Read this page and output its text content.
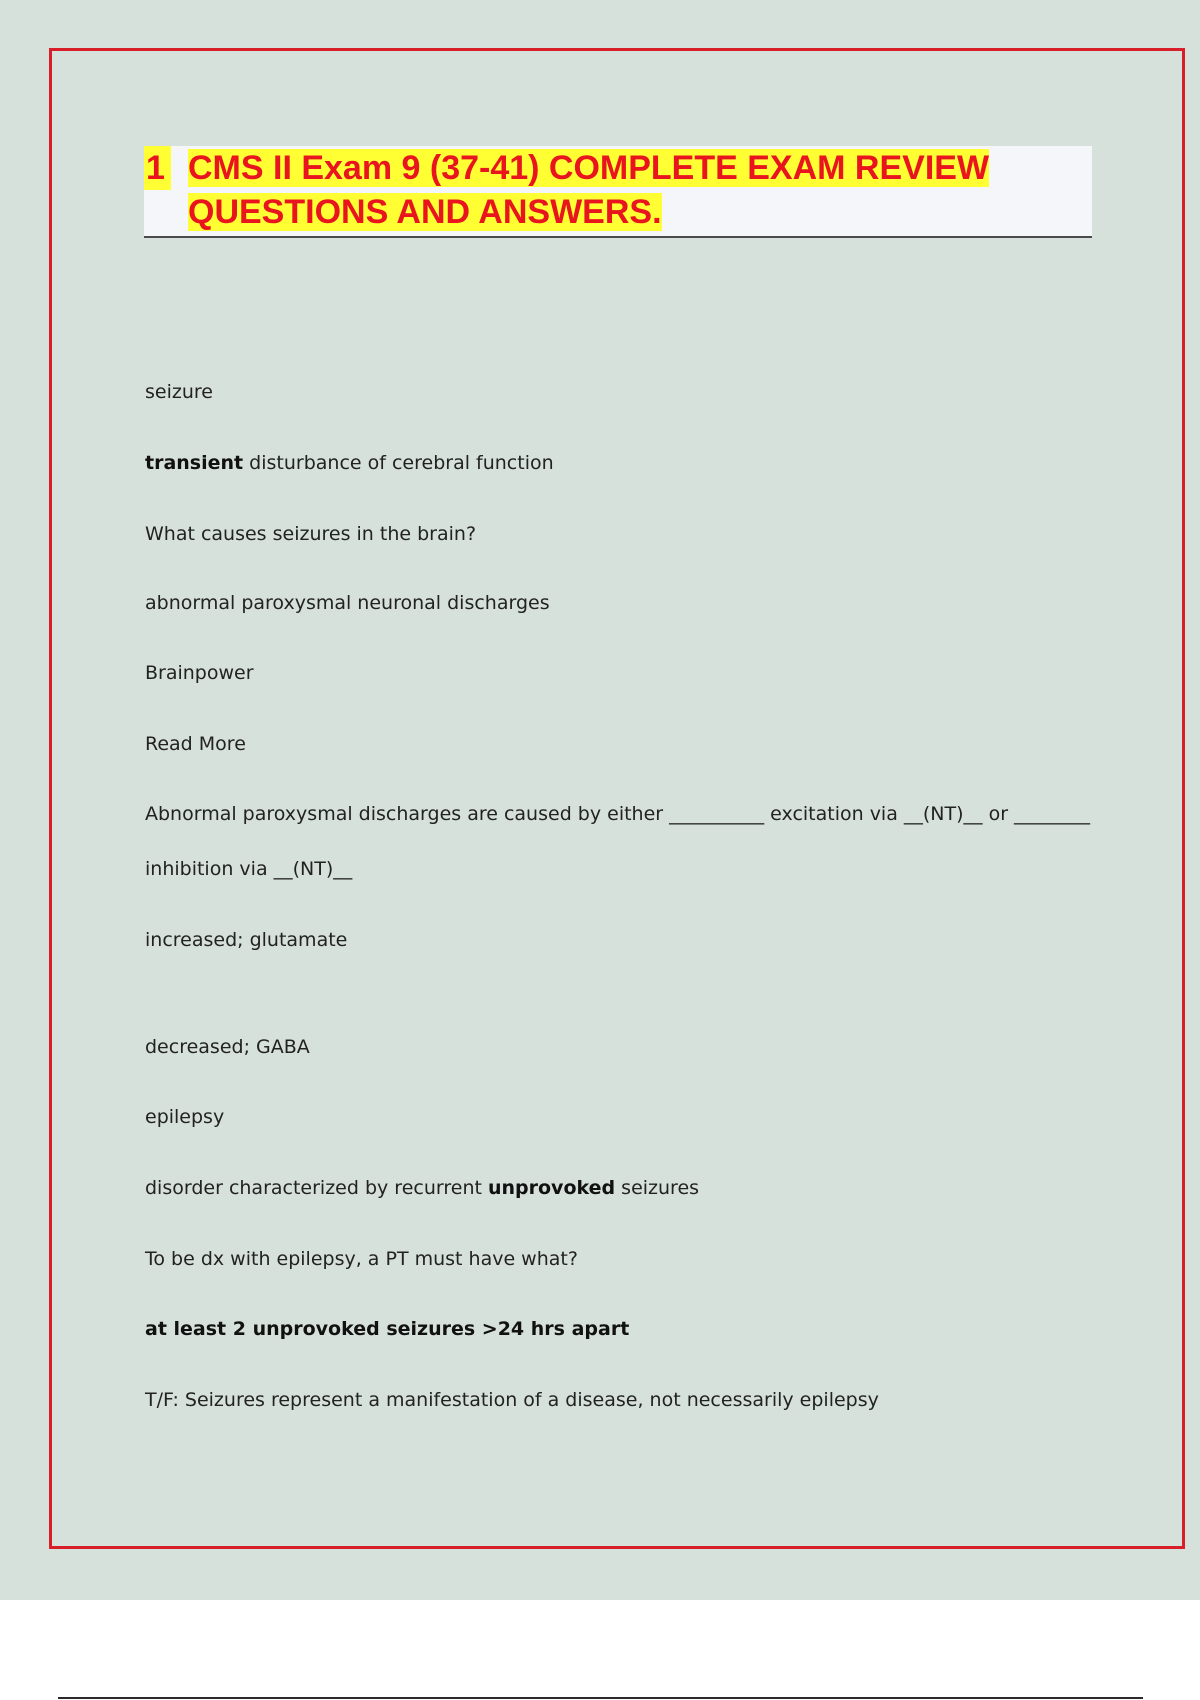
1 CMS II Exam 9 (37-41) COMPLETE EXAM REVIEW QUESTIONS AND ANSWERS.
seizure
transient disturbance of cerebral function
What causes seizures in the brain?
abnormal paroxysmal neuronal discharges
Brainpower
Read More
Abnormal paroxysmal discharges are caused by either __________ excitation via __(NT)__ or ________
inhibition via __(NT)__
increased; glutamate
decreased; GABA
epilepsy
disorder characterized by recurrent unprovoked seizures
To be dx with epilepsy, a PT must have what?
at least 2 unprovoked seizures >24 hrs apart
T/F: Seizures represent a manifestation of a disease, not necessarily epilepsy
